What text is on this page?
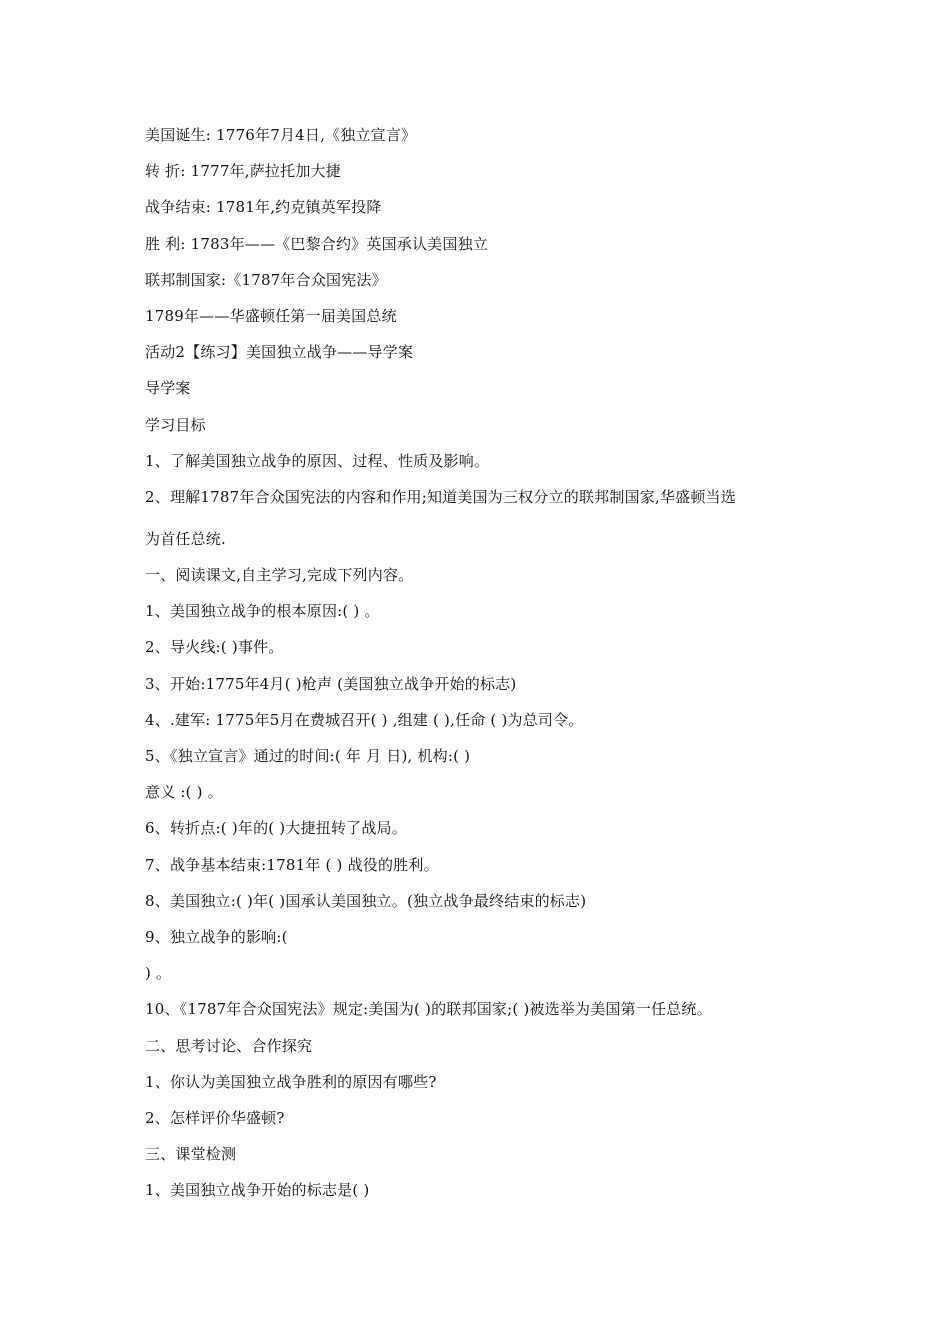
美国诞生: 1776年7月4日,《独立宣言》
转 折: 1777年,萨拉托加大捷
战争结束: 1781年,约克镇英军投降
胜 利: 1783年——《巴黎合约》英国承认美国独立
联邦制国家:《1787年合众国宪法》
1789年——华盛顿任第一届美国总统
活动2【练习】美国独立战争——导学案
导学案
学习目标
1、了解美国独立战争的原因、过程、性质及影响。
2、理解1787年合众国宪法的内容和作用;知道美国为三权分立的联邦制国家,华盛顿当选
为首任总统.
一、阅读课文,自主学习,完成下列内容。
1、美国独立战争的根本原因:( ) 。
2、导火线:( )事件。
3、开始:1775年4月( )枪声 (美国独立战争开始的标志)
4、.建军: 1775年5月在费城召开( ) ,组建 ( ),任命 ( )为总司令。
5、《独立宣言》通过的时间:( 年 月 日), 机构:( )
意义 :( ) 。
6、转折点:( )年的( )大捷扭转了战局。
7、战争基本结束:1781年 ( ) 战役的胜利。
8、美国独立:( )年( )国承认美国独立。(独立战争最终结束的标志)
9、独立战争的影响:(
) 。
10、《1787年合众国宪法》规定:美国为( )的联邦国家;( )被选举为美国第一任总统。
二、思考讨论、合作探究
1、你认为美国独立战争胜利的原因有哪些?
2、怎样评价华盛顿?
三、课堂检测
1、美国独立战争开始的标志是( )
